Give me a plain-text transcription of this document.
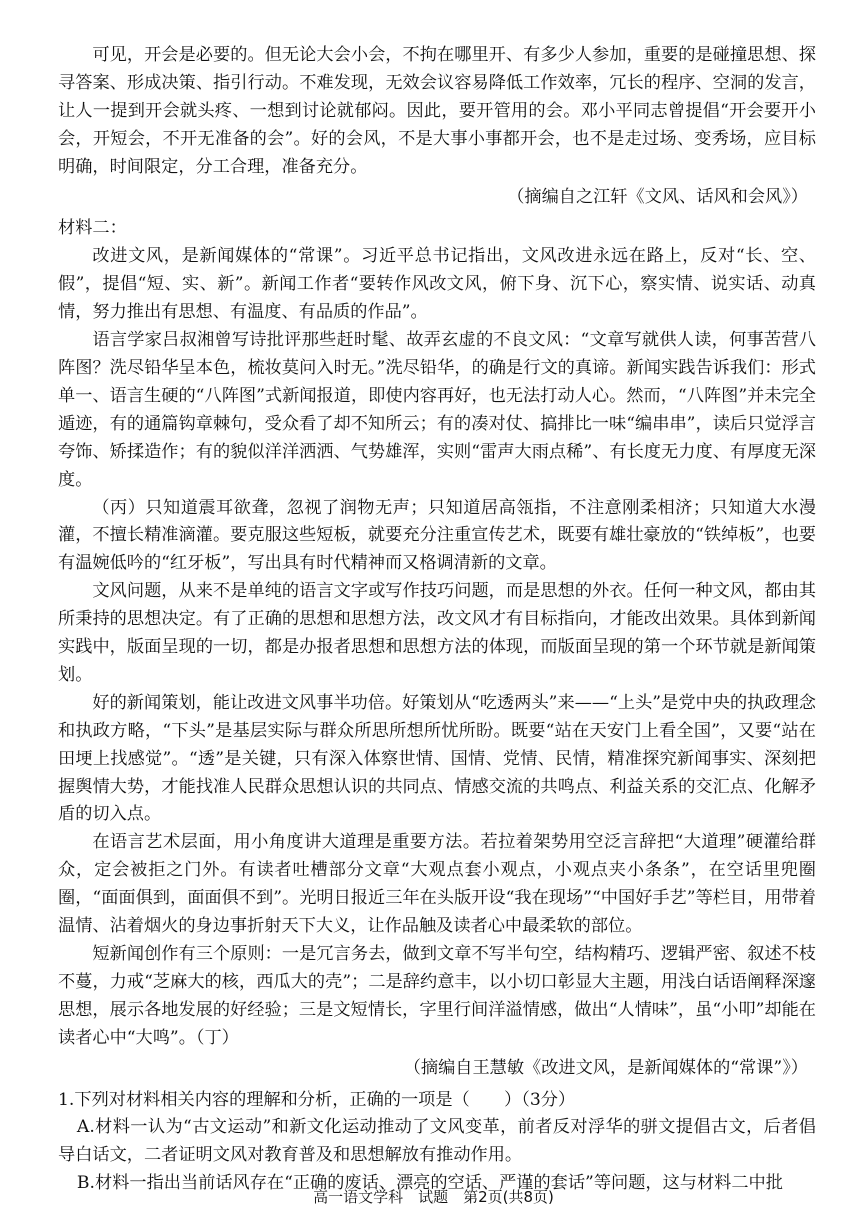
可见，开会是必要的。但无论大会小会，不拘在哪里开、有多少人参加，重要的是碰撞思想、探寻答案、形成决策、指引行动。不难发现，无效会议容易降低工作效率，冗长的程序、空洞的发言，让人一提到开会就头疼、一想到讨论就郁闷。因此，要开管用的会。邓小平同志曾提倡“开会要开小会，开短会，不开无准备的会”。好的会风，不是大事小事都开会，也不是走过场、变秀场，应目标明确，时间限定，分工合理，准备充分。

（摘编自之江轩《文风、话风和会风》）

材料二：

改进文风，是新闻媒体的“常课”。习近平总书记指出，文风改进永远在路上，反对“长、空、假”，提倡“短、实、新”。新闻工作者“要转作风改文风，俯下身、沉下心，察实情、说实话、动真情，努力推出有思想、有温度、有品质的作品”。

语言学家吕叔湘曾写诗批评那些赶时髦、故弄玄虚的不良文风：“文章写就供人读，何事苦营八阵图？洗尽铅华呈本色，梳妆莫问入时无。”洗尽铅华，的确是行文的真谛。新闻实践告诉我们：形式单一、语言生硬的“八阵图”式新闻报道，即使内容再好，也无法打动人心。然而，“八阵图”并未完全遁迹，有的通篇钩章棘句，受众看了却不知所云；有的凑对仗、搞排比一味“编串串”，读后只觉浮言夸饰、矫揉造作；有的貌似洋洋洒洒、气势雄浑，实则“雷声大雨点稀”、有长度无力度、有厚度无深度。

（丙）只知道震耳欲聋，忽视了润物无声；只知道居高瓴指，不注意刚柔相济；只知道大水漫灌，不擅长精准滴灌。要克服这些短板，就要充分注重宣传艺术，既要有雄壮豪放的“铁绰板”，也要有温婉低吟的“红牙板”，写出具有时代精神而又格调清新的文章。

文风问题，从来不是单纯的语言文字或写作技巧问题，而是思想的外衣。任何一种文风，都由其所秉持的思想决定。有了正确的思想和思想方法，改文风才有目标指向，才能改出效果。具体到新闻实践中，版面呈现的一切，都是办报者思想和思想方法的体现，而版面呈现的第一个环节就是新闻策划。

好的新闻策划，能让改进文风事半功倍。好策划从“吃透两头”来——“上头”是党中央的执政理念和执政方略，“下头”是基层实际与群众所思所想所忧所盼。既要“站在天安门上看全国”，又要“站在田埂上找感觉”。“透”是关键，只有深入体察世情、国情、党情、民情，精准探究新闻事实、深刻把握舆情大势，才能找准人民群众思想认识的共同点、情感交流的共鸣点、利益关系的交汇点、化解矛盾的切入点。

在语言艺术层面，用小角度讲大道理是重要方法。若拉着架势用空泛言辞把“大道理”硬灌给群众，定会被拒之门外。有读者吐槽部分文章“大观点套小观点，小观点夹小条条”，在空话里兜圈圈，“面面俱到，面面俱不到”。光明日报近三年在头版开设“我在现场”“中国好手艺”等栏目，用带着温情、沾着烟火的身边事折射天下大义，让作品触及读者心中最柔软的部位。

短新闻创作有三个原则：一是冗言务去，做到文章不写半句空，结构精巧、逻辑严密、叙述不枝不蔓，力戒“芝麻大的核，西瓜大的壳”；二是辞约意丰，以小切口彰显大主题，用浅白话语阐释深邃思想，展示各地发展的好经验；三是文短情长，字里行间洋溢情感，做出“人情味”，虽“小叩”却能在读者心中“大鸣”。（丁）

（摘编自王慧敏《改进文风，是新闻媒体的“常课”》）

1.下列对材料相关内容的理解和分析，正确的一项是（　　）（3分）

A.材料一认为“古文运动”和新文化运动推动了文风变革，前者反对浮华的骈文提倡古文，后者倡导白话文，二者证明文风对教育普及和思想解放有推动作用。

B.材料一指出当前话风存在“正确的废话、漂亮的空话、严谨的套话”等问题，这与材料二中批

高一语文学科　试题　第2页(共8页)
